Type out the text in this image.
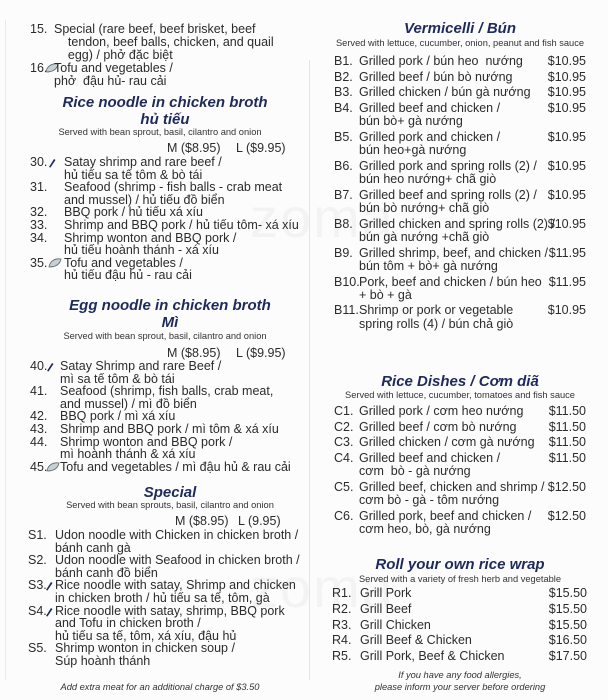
15. Special (rare beef, beef brisket, beef
tendon, beef balls, chicken, and quail
egg) / phở đặc biệt
16. Tofu and vegetables /
phở  đậu hủ- rau cải
Rice noodle in chicken broth
hủ tiếu
Served with bean sprout, basil, cilantro and onion
M ($8.95) L ($9.95)
30. Satay shrimp and rare beef /
hủ tiếu sa tế tôm & bò tái
31. Seafood (shrimp - fish balls - crab meat
and mussel) / hủ tiếu đồ biển
32. BBQ pork / hủ tiếu xá xíu
33. Shrimp and BBQ pork / hủ tiếu tôm- xá xíu
34. Shrimp wonton and BBQ pork /
hủ tiếu hoành thánh - xá xíu
35. Tofu and vegetables /
hủ tiếu đậu hủ - rau cải
Egg noodle in chicken broth
Mì
Served with bean sprout, basil, cilantro and onion
M ($8.95) L ($9.95)
40. Satay Shrimp and rare Beef /
mì sa tế tôm & bò tái
41. Seafood (shrimp, fish balls, crab meat,
and mussel) / mì đồ biển
42. BBQ pork / mì xá xíu
43. Shrimp and BBQ pork / mì tôm & xá xíu
44. Shrimp wonton and BBQ pork /
mì hoành thánh & xá xíu
45. Tofu and vegetables / mì đậu hủ & rau cải
Special
Served with bean sprouts, basil, cilantro and onion
M ($8.95) L (9.95)
S1. Udon noodle with Chicken in chicken broth /
bánh canh gà
S2. Udon noodle with Seafood in chicken broth /
bánh canh đồ biển
S3. Rice noodle with satay, Shrimp and chicken
in chicken broth / hủ tiếu sa tế, tôm, gà
S4. Rice noodle with satay, shrimp, BBQ pork
and Tofu in chicken broth /
hủ tiếu sa tế, tôm, xá xíu, đậu hủ
S5. Shrimp wonton in chicken soup /
Súp hoành thánh
Add extra meat for an additional charge of $3.50
Vermicelli / Bún
Served with lettuce, cucumber, onion, peanut and fish sauce
B1. Grilled pork / bún heo  nướng $10.95
B2. Grilled beef / bún bò nướng	$10.95
B3. Grilled chicken / bún gà nướng $10.95
B4. Grilled beef and chicken /
bún bò+ gà nướng
$10.95
B5. Grilled pork and chicken /
bún heo+gà nướng
$10.95
B6. Grilled pork and spring rolls (2) /
bún heo nướng+ chã giò
$10.95
B7. Grilled beef and spring rolls (2) /
bún bò nướng+ chã giò
$10.95
B8. Grilled chicken and spring rolls (2) /
bún gà nướng +chã giò
$10.95
B9. Grilled shrimp, beef, and chicken /
bún tôm + bò+ gà nướng
$11.95
B10. Pork, beef and chicken / bún heo
+ bò + gà
$11.95
B11. Shrimp or pork or vegetable
spring rolls (4) / bún chả giò
$10.95
Rice Dishes / Cơm diã
Served with lettuce, cucumber, tomatoes and fish sauce
C1. Grilled pork / cơm heo nướng $11.50
C2. Grilled beef / cơm bò nướng	$11.50
C3. Grilled chicken / cơm gà nướng $11.50
C4. Grilled beef and chicken /
cơm  bò - gà nướng
$11.50
C5. Grilled beef, chicken and shrimp /
cơm bò - gà - tôm nướng
$12.50
C6. Grilled pork, beef and chicken /
cơm heo, bò, gà nướng
$12.50
Roll your own rice wrap
Served with a variety of fresh herb and vegetable
R1. Grill Pork	$15.50
R2. Grill Beef	$15.50
R3. Grill Chicken	$15.50
R4. Grill Beef & Chicken	$16.50
R5. Grill Pork, Beef & Chicken	$17.50
If you have any food allergies,
please inform your server before ordering
